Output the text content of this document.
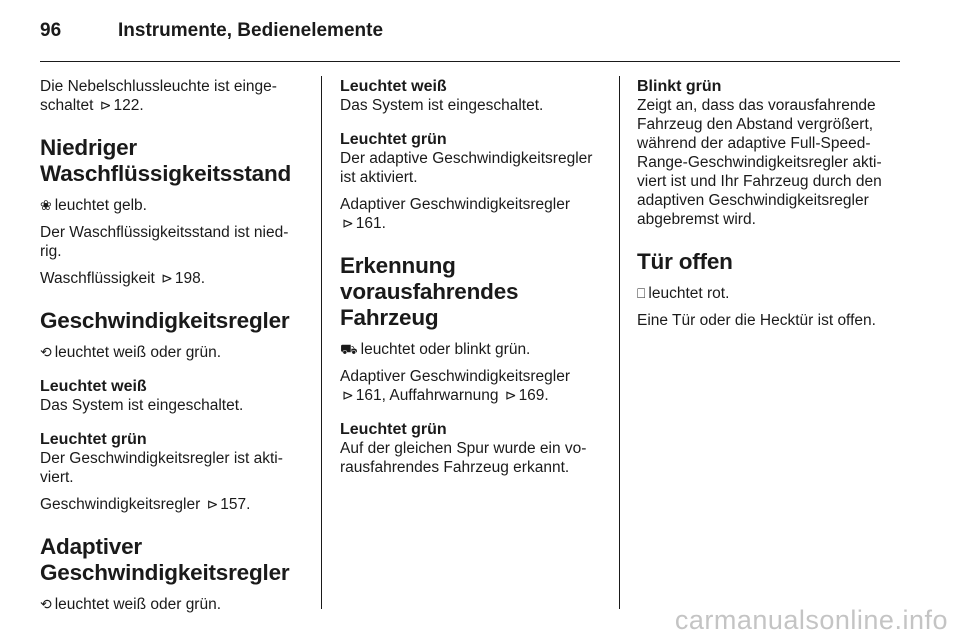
96	Instrumente, Bedienelemente

Die Nebelschlussleuchte ist einge-
schaltet ⊳ 122.

Niedriger
Waschflüssigkeitsstand

❀ leuchtet gelb.

Der Waschflüssigkeitsstand ist nied-
rig.

Waschflüssigkeit ⊳ 198.

Geschwindigkeitsregler

⟲ leuchtet weiß oder grün.

Leuchtet weiß

Das System ist eingeschaltet.

Leuchtet grün

Der Geschwindigkeitsregler ist akti-
viert.

Geschwindigkeitsregler ⊳ 157.

Adaptiver
Geschwindigkeitsregler

⟲ leuchtet weiß oder grün.

Leuchtet weiß

Das System ist eingeschaltet.

Leuchtet grün

Der adaptive Geschwindigkeitsregler
ist aktiviert.

Adaptiver Geschwindigkeitsregler
⊳ 161.

Erkennung
vorausfahrendes
Fahrzeug

⛟ leuchtet oder blinkt grün.

Adaptiver Geschwindigkeitsregler
⊳ 161, Auffahrwarnung ⊳ 169.

Leuchtet grün

Auf der gleichen Spur wurde ein vo-
rausfahrendes Fahrzeug erkannt.

Blinkt grün

Zeigt an, dass das vorausfahrende
Fahrzeug den Abstand vergrößert,
während der adaptive Full-Speed-
Range-Geschwindigkeitsregler akti-
viert ist und Ihr Fahrzeug durch den
adaptiven Geschwindigkeitsregler
abgebremst wird.

Tür offen

⎕ leuchtet rot.

Eine Tür oder die Hecktür ist offen.

carmanualsonline.info
